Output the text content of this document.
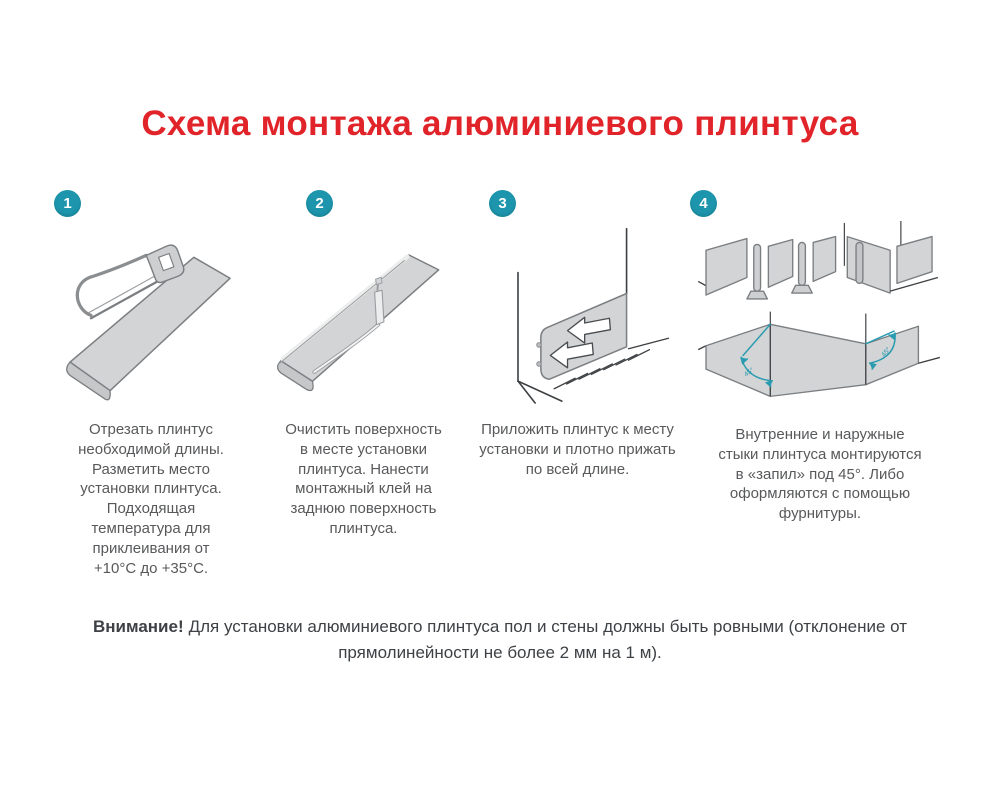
Схема монтажа алюминиевого плинтуса
1

Отрезать плинтус необходимой длины. Разметить место установки плинтуса. Подходящая температура для приклеивания от +10°С до +35°С.

2

Очистить поверхность в месте установки плинтуса. Нанести монтажный клей на заднюю поверхность плинтуса.

3

Приложить плинтус к месту установки и плотно прижать по всей длине.

4
45°
45°

Внутренние и наружные стыки плинтуса монтируются в «запил» под 45°. Либо оформляются с помощью фурнитуры.

Внимание! Для установки алюминиевого плинтуса пол и стены должны быть ровными (отклонение от прямолинейности не более 2 мм на 1 м).
